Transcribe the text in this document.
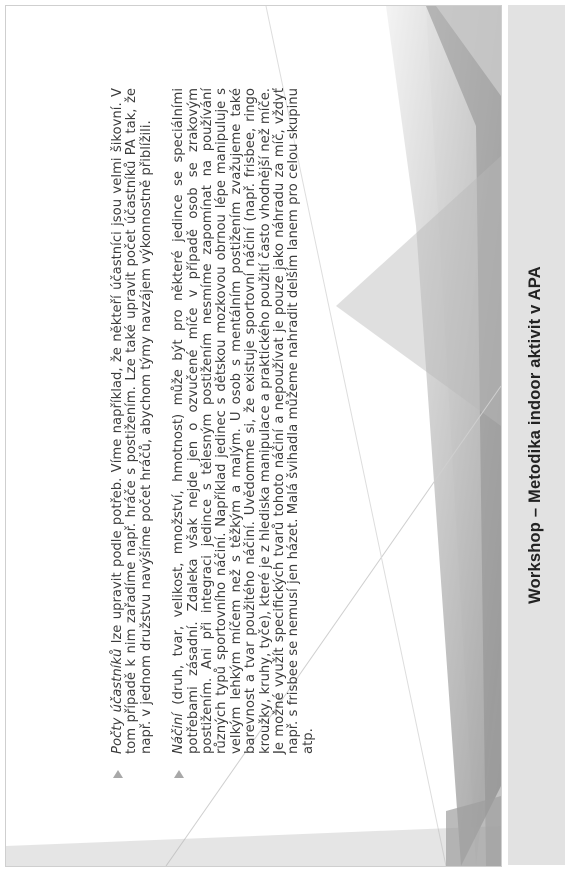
Počty účastníků lze upravit podle potřeb. Víme například, že někteří účastníci jsou velmi šikovní. V tom případě k nim zařadíme např. hráče s postižením. Lze také upravit počet účastníků PA tak, že např. v jednom družstvu navýšíme počet hráčů, abychom týmy navzájem výkonnostně přiblížili. Náčiní (druh, tvar, velikost, množství, hmotnost) může být pro některé jedince se speciálními potřebami zásadní. Zdaleka však nejde jen o ozvučené míče v případě osob se zrakovým postižením. Ani při integraci jedince s tělesným postižením nesmíme zapomínat na používání různých typů sportovního náčiní. Například jedinec s dětskou mozkovou obrnou lépe manipuluje s velkým lehkým míčem než s těžkým a malým. U osob s mentálním postižením zvažujeme také barevnost a tvar použitého náčiní. Uvědomme si, že existuje sportovní náčiní (např. frisbee, ringo kroužky, kruhy, tyče), které je z hlediska manipulace a praktického použití často vhodnější než míče. Je možné využít specifických tvarů tohoto náčiní a nepoužívat je pouze jako náhradu za míč, vždyť např. s frisbee se nemusí jen házet. Malá švihadla můžeme nahradit delším lanem pro celou skupinu atp.
Workshop – Metodika indoor aktivit v APA
